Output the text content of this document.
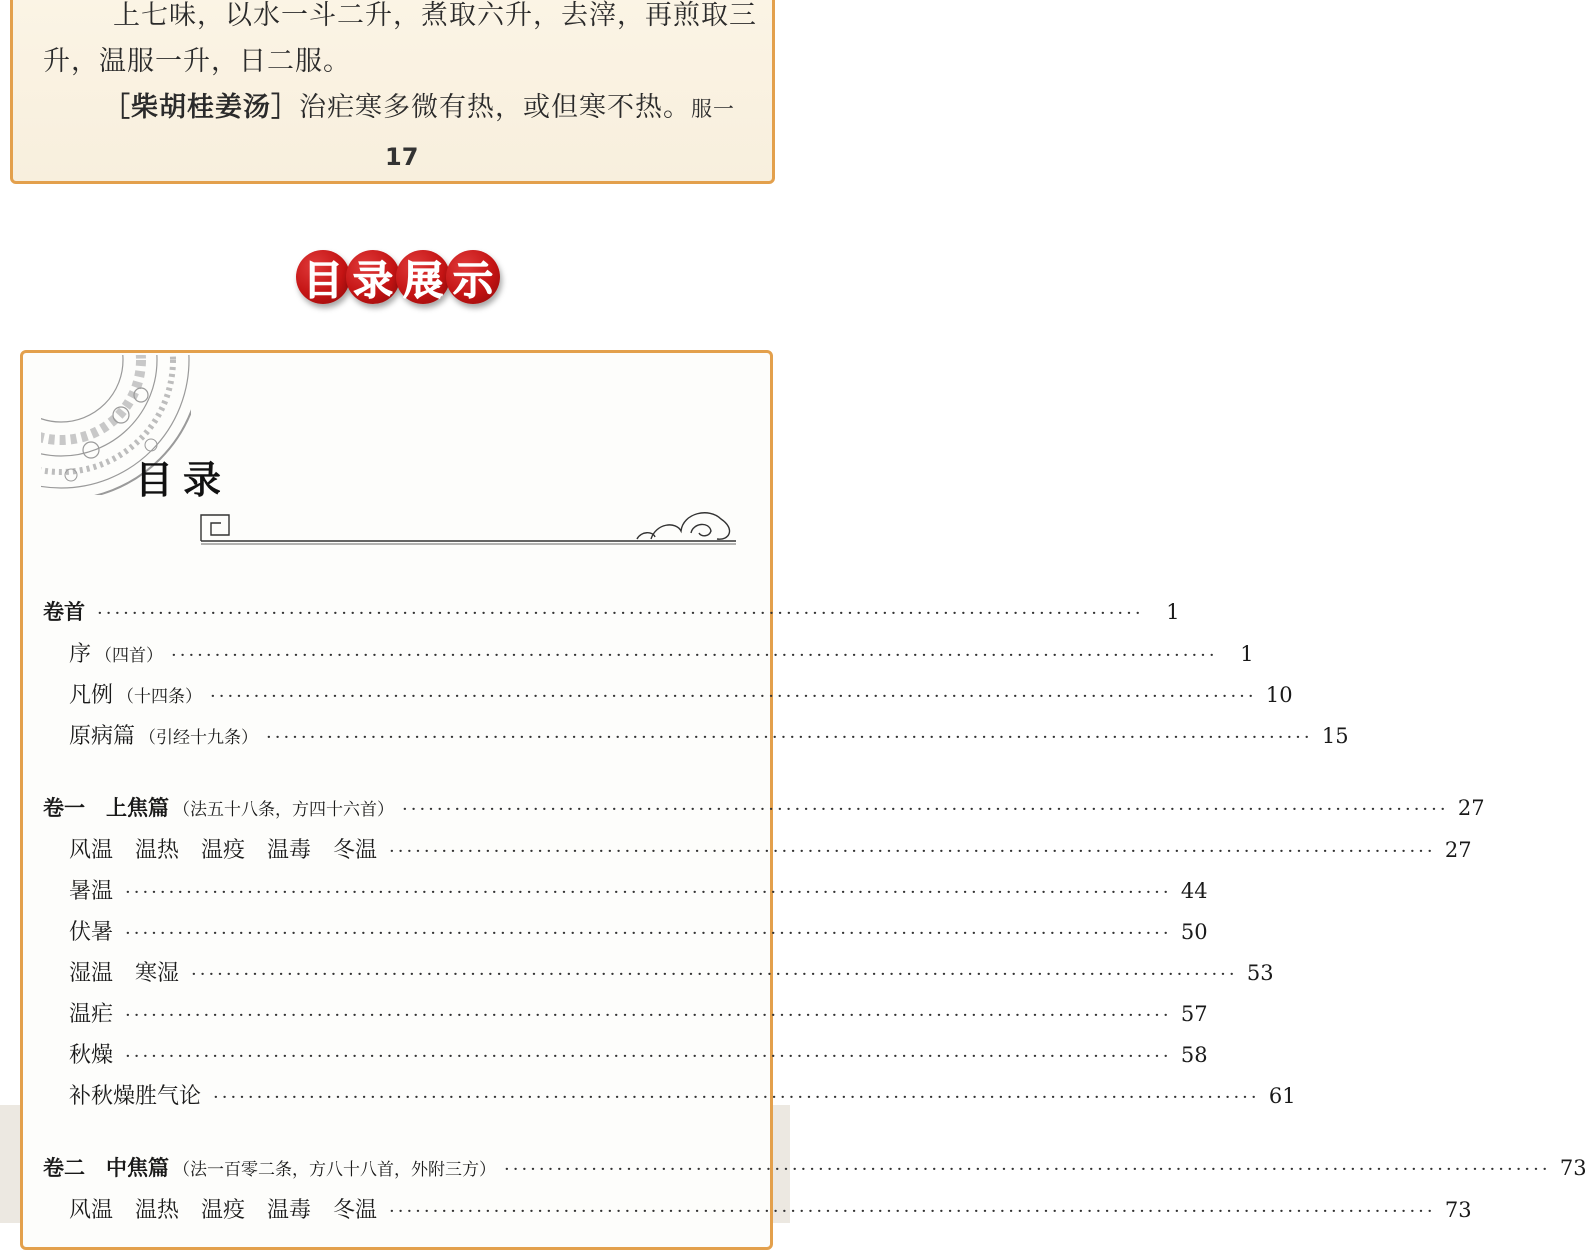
上七味，以水一斗二升，煮取六升，去滓，再煎取三
升，温服一升，日二服。
［柴胡桂姜汤］治疟寒多微有热，或但寒不热。服一
17
目 录 展 示
目录
卷首 ························································································································	1
序 （四首） ························································································································	1
凡例 （十四条） ························································································································ 10
原病篇 （引经十九条） ························································································································ 15
卷一　上焦篇 （法五十八条，方四十六首） ························································································································ 27
风温　温热　温疫　温毒　冬温 ························································································································ 27
暑温 ························································································································ 44
伏暑 ························································································································ 50
湿温　寒湿 ························································································································ 53
温疟 ························································································································ 57
秋燥 ························································································································ 58
补秋燥胜气论 ························································································································ 61
卷二　中焦篇 （法一百零二条，方八十八首，外附三方） ························································································································ 73
风温　温热　温疫　温毒　冬温 ························································································································ 73
